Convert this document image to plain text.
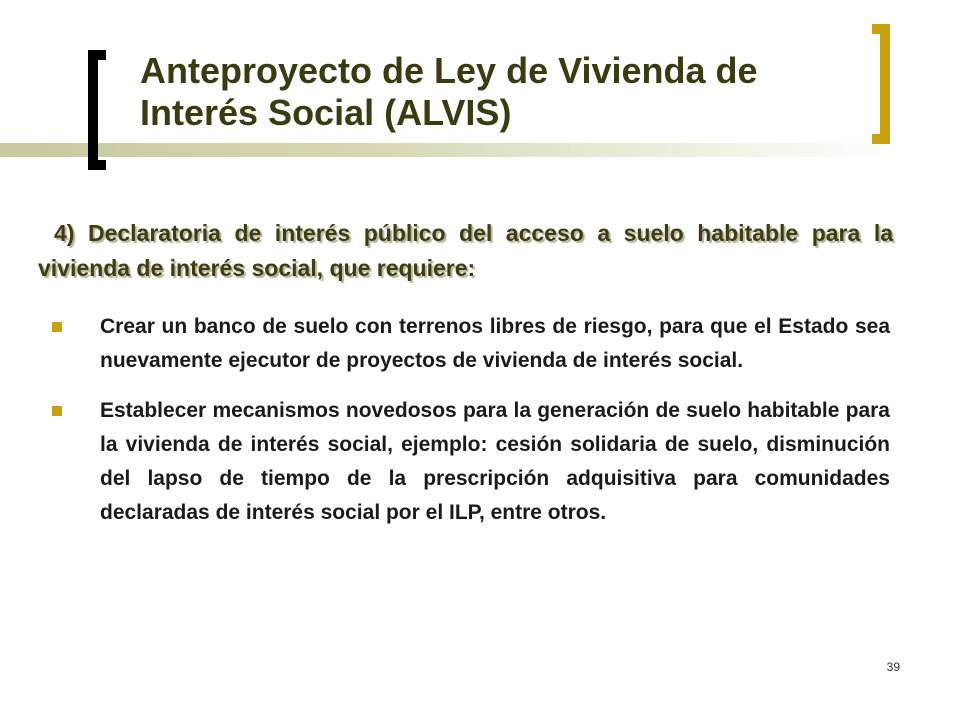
Anteproyecto de Ley de Vivienda de Interés Social (ALVIS)

4) Declaratoria de interés público del acceso a suelo habitable para la vivienda de interés social, que requiere:

Crear un banco de suelo con terrenos libres de riesgo, para que el Estado sea nuevamente ejecutor de proyectos de vivienda de interés social.
Establecer mecanismos novedosos para la generación de suelo habitable para la vivienda de interés social, ejemplo: cesión solidaria de suelo, disminución del lapso de tiempo de la prescripción adquisitiva para comunidades declaradas de interés social por el ILP, entre otros.
39
